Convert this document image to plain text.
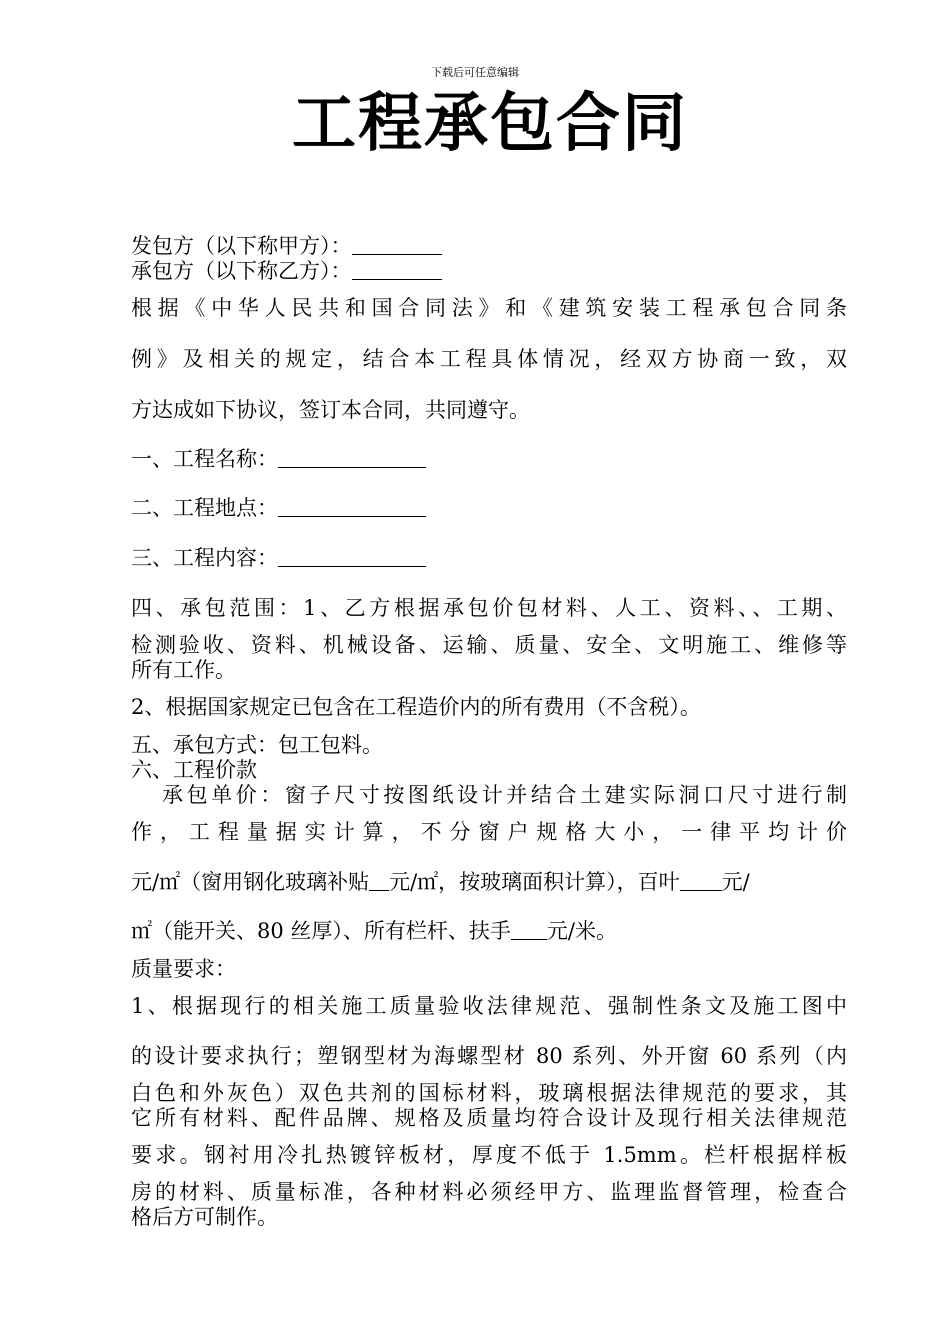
下载后可任意编辑
工程承包合同
发包方（以下称甲方）：
承包方（以下称乙方）：
根据《中华人民共和国合同法》和《建筑安装工程承包合同条
例》及相关的规定，结合本工程具体情况，经双方协商一致，双
方达成如下协议，签订本合同，共同遵守。
一、工程名称：
二、工程地点：
三、工程内容：
四、承包范围：1、乙方根据承包价包材料、人工、资料、、工期、
检测验收、资料、机械设备、运输、质量、安全、文明施工、维修等
所有工作。
2、根据国家规定已包含在工程造价内的所有费用（不含税）。
五、承包方式：包工包料。
六、工程价款
承包单价：窗子尺寸按图纸设计并结合土建实际洞口尺寸进行制
作，工程量据实计算，不分窗户规格大小，一律平均计价
元/㎡（窗用钢化玻璃补贴 元/㎡，按玻璃面积计算），百叶 元/
㎡（能开关、80 丝厚）、所有栏杆、扶手 元/米。
质量要求：
1、根据现行的相关施工质量验收法律规范、强制性条文及施工图中
的设计要求执行；塑钢型材为海螺型材 80 系列、外开窗 60 系列（内
白色和外灰色）双色共剂的国标材料，玻璃根据法律规范的要求，其
它所有材料、配件品牌、规格及质量均符合设计及现行相关法律规范
要求。钢衬用冷扎热镀锌板材，厚度不低于 1.5mm。栏杆根据样板
房的材料、质量标准，各种材料必须经甲方、监理监督管理，检查合
格后方可制作。
